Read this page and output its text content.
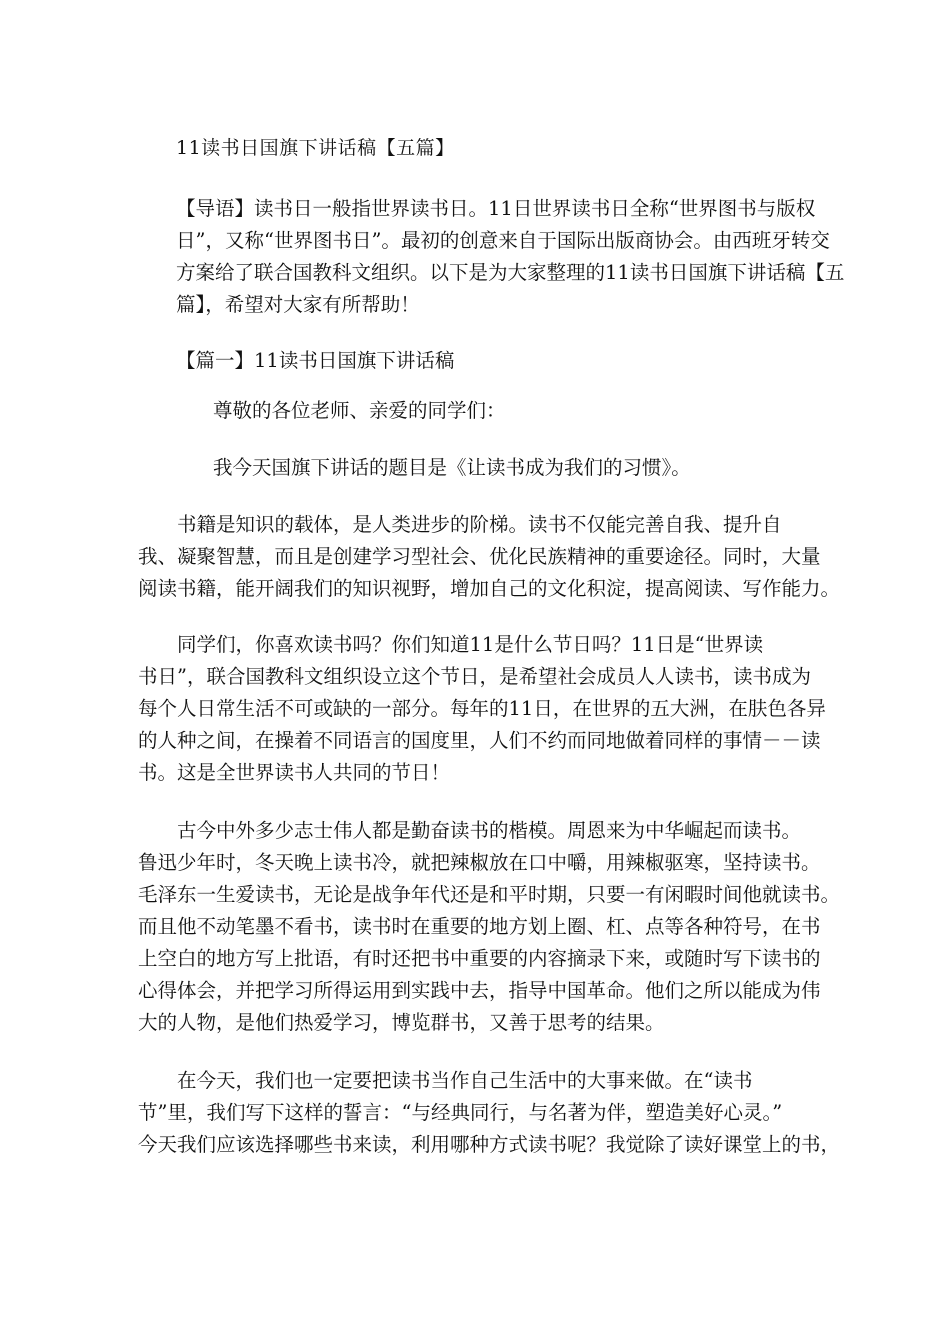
11读书日国旗下讲话稿【五篇】
【导语】读书日一般指世界读书日。11日世界读书日全称“世界图书与版权
日”，又称“世界图书日”。最初的创意来自于国际出版商协会。由西班牙转交
方案给了联合国教科文组织。以下是为大家整理的11读书日国旗下讲话稿【五
篇】，希望对大家有所帮助！
【篇一】11读书日国旗下讲话稿
尊敬的各位老师、亲爱的同学们：
我今天国旗下讲话的题目是《让读书成为我们的习惯》。
　　书籍是知识的载体，是人类进步的阶梯。读书不仅能完善自我、提升自
我、凝聚智慧，而且是创建学习型社会、优化民族精神的重要途径。同时，大量
阅读书籍，能开阔我们的知识视野，增加自己的文化积淀，提高阅读、写作能力。
　　同学们，你喜欢读书吗？你们知道11是什么节日吗？11日是“世界读
书日”，联合国教科文组织设立这个节日，是希望社会成员人人读书，读书成为
每个人日常生活不可或缺的一部分。每年的11日，在世界的五大洲，在肤色各异
的人种之间，在操着不同语言的国度里，人们不约而同地做着同样的事情－－读
书。这是全世界读书人共同的节日！
　　古今中外多少志士伟人都是勤奋读书的楷模。周恩来为中华崛起而读书。
鲁迅少年时，冬天晚上读书冷，就把辣椒放在口中嚼，用辣椒驱寒，坚持读书。
毛泽东一生爱读书，无论是战争年代还是和平时期，只要一有闲暇时间他就读书。
而且他不动笔墨不看书，读书时在重要的地方划上圈、杠、点等各种符号，在书
上空白的地方写上批语，有时还把书中重要的内容摘录下来，或随时写下读书的
心得体会，并把学习所得运用到实践中去，指导中国革命。他们之所以能成为伟
大的人物，是他们热爱学习，博览群书，又善于思考的结果。
　　在今天，我们也一定要把读书当作自己生活中的大事来做。在“读书
节”里，我们写下这样的誓言：“与经典同行，与名著为伴，塑造美好心灵。”
今天我们应该选择哪些书来读，利用哪种方式读书呢？我觉除了读好课堂上的书，
